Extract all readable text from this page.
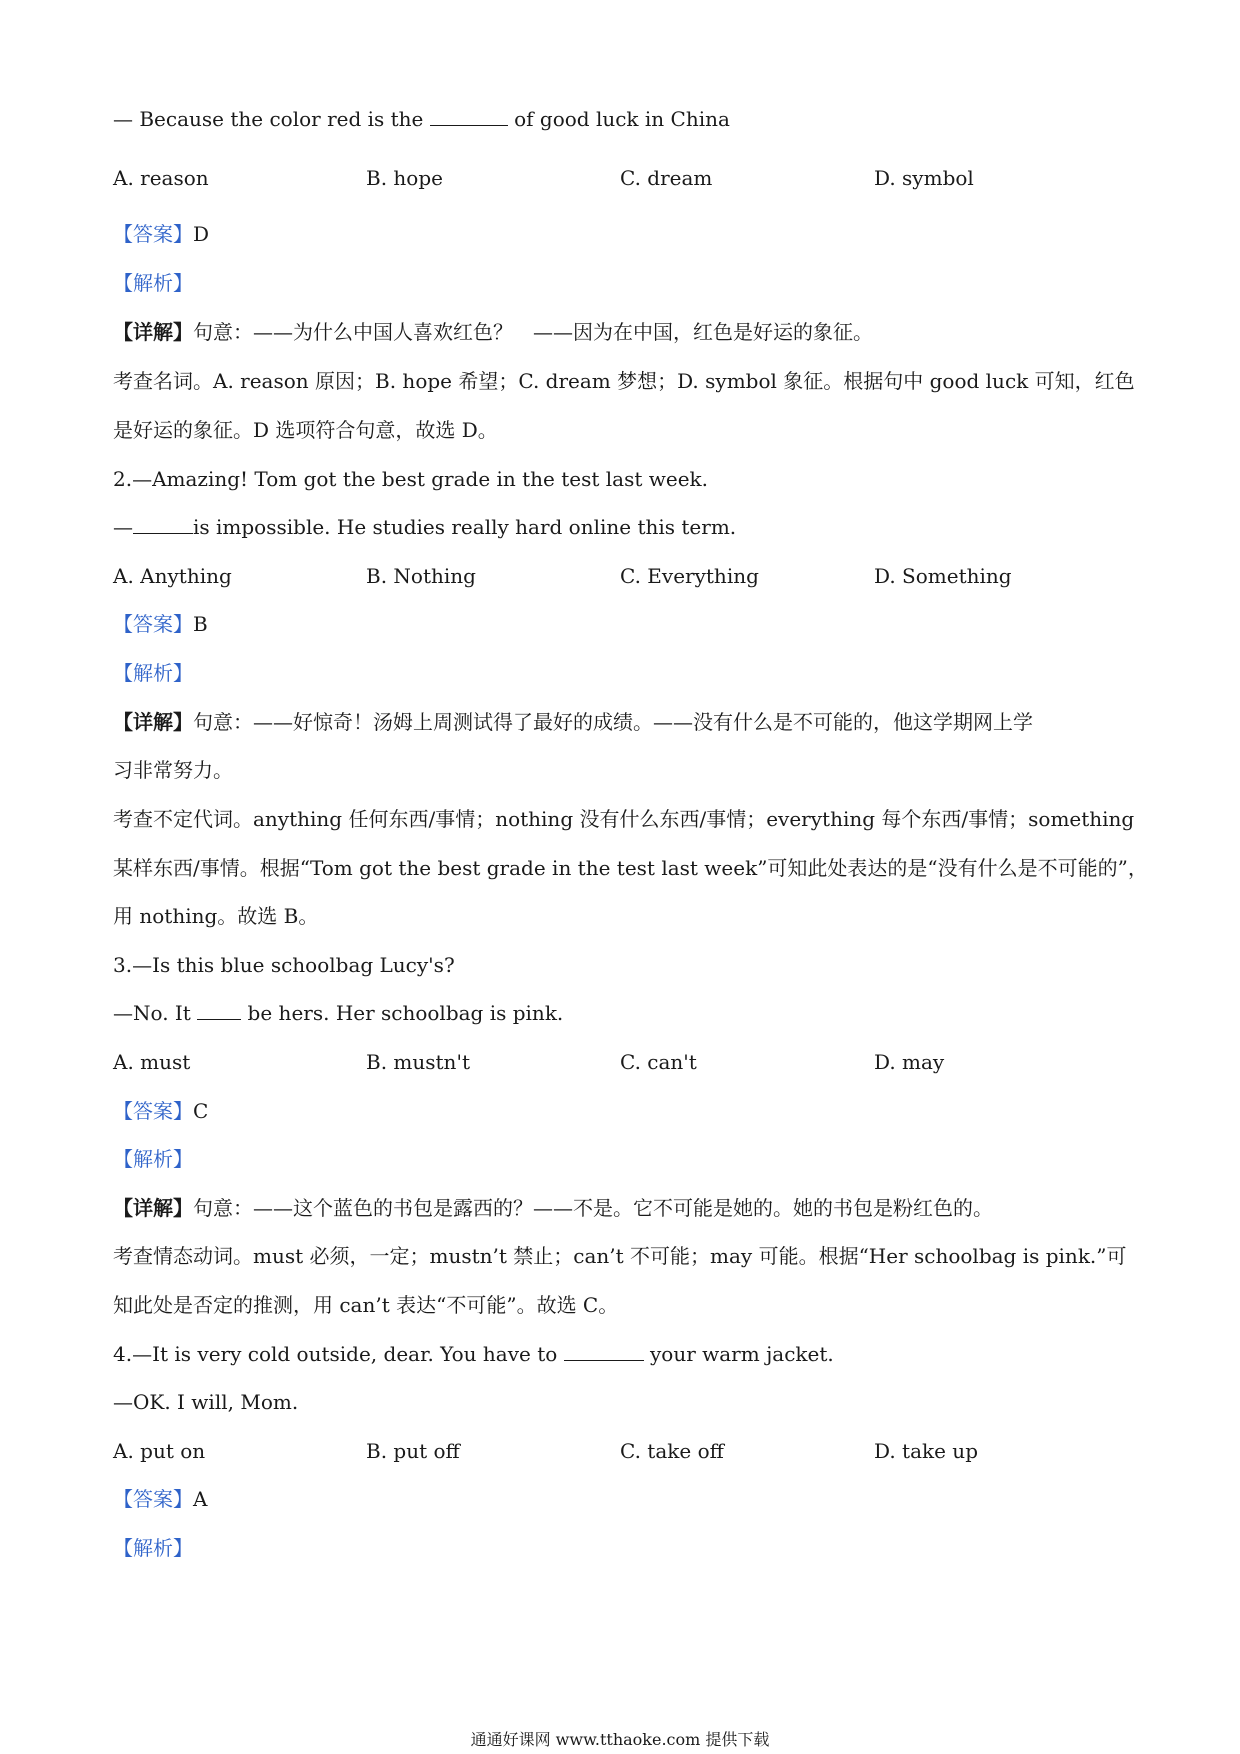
— Because the color red is the	of good luck in China
A. reason	B. hope	C. dream	D. symbol
【答案】D
【解析】
【详解】句意：——为什么中国人喜欢红色？　——因为在中国，红色是好运的象征。
考查名词。A. reason 原因；B. hope 希望；C. dream 梦想；D. symbol 象征。根据句中 good luck 可知，红色
是好运的象征。D 选项符合句意，故选 D。
2.—Amazing! Tom got the best grade in the test last week.
—	is impossible. He studies really hard online this term.
A. Anything	B. Nothing	C. Everything	D. Something
【答案】B
【解析】
【详解】句意：——好惊奇！汤姆上周测试得了最好的成绩。——没有什么是不可能的，他这学期网上学
习非常努力。
考查不定代词。anything 任何东西/事情；nothing 没有什么东西/事情；everything 每个东西/事情；something
某样东西/事情。根据“Tom got the best grade in the test last week”可知此处表达的是“没有什么是不可能的”，
用 nothing。故选 B。
3.—Is this blue schoolbag Lucy's?
—No. It  be hers. Her schoolbag is pink.
A. must	B. mustn't	C. can't	D. may
【答案】C
【解析】
【详解】句意：——这个蓝色的书包是露西的？——不是。它不可能是她的。她的书包是粉红色的。
考查情态动词。must 必须，一定；mustn’t 禁止；can’t 不可能；may 可能。根据“Her schoolbag is pink.”可
知此处是否定的推测，用 can’t 表达“不可能”。故选 C。
4.—It is very cold outside, dear. You have to	your warm jacket.
—OK. I will, Mom.
A. put on	B. put off	C. take off	D. take up
【答案】A
【解析】
通通好课网 www.tthaoke.com 提供下载
